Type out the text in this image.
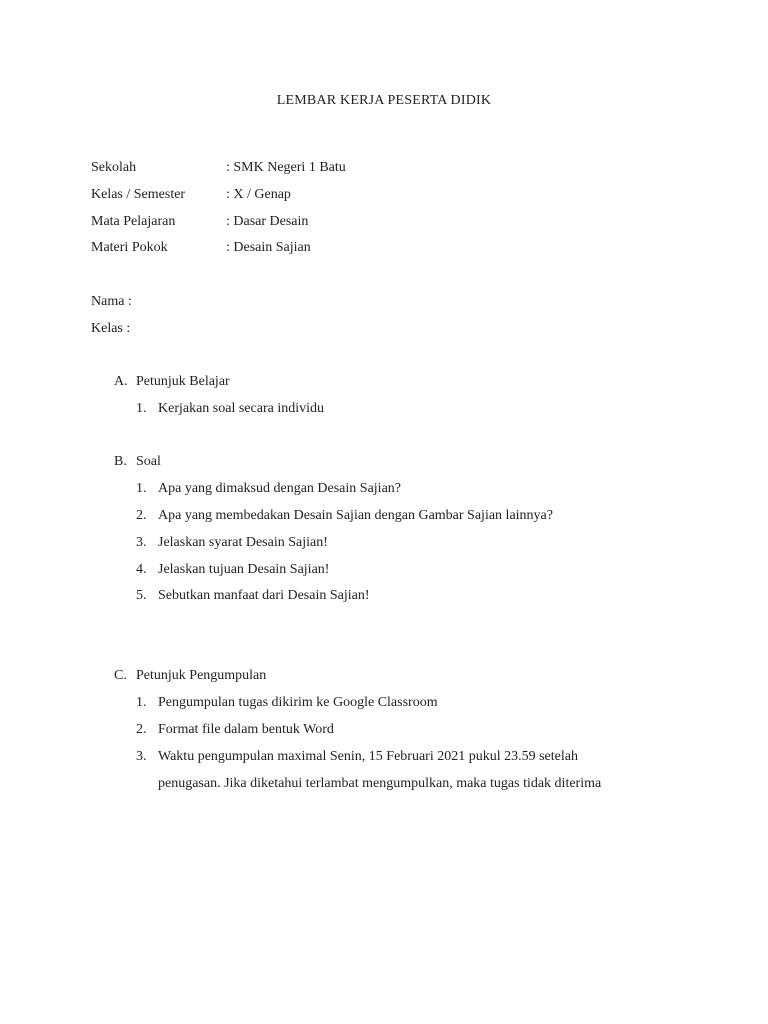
LEMBAR KERJA PESERTA DIDIK
Sekolah	: SMK Negeri 1 Batu
Kelas / Semester	: X / Genap
Mata Pelajaran	: Dasar Desain
Materi Pokok	: Desain Sajian
Nama :
Kelas :
A. Petunjuk Belajar
1. Kerjakan soal secara individu
B. Soal
1. Apa yang dimaksud dengan Desain Sajian?
2. Apa yang membedakan Desain Sajian dengan Gambar Sajian lainnya?
3. Jelaskan syarat Desain Sajian!
4. Jelaskan tujuan Desain Sajian!
5. Sebutkan manfaat dari Desain Sajian!
C. Petunjuk Pengumpulan
1. Pengumpulan tugas dikirim ke Google Classroom
2. Format file dalam bentuk Word
3. Waktu pengumpulan maximal Senin, 15 Februari 2021 pukul 23.59 setelah
penugasan. Jika diketahui terlambat mengumpulkan, maka tugas tidak diterima
